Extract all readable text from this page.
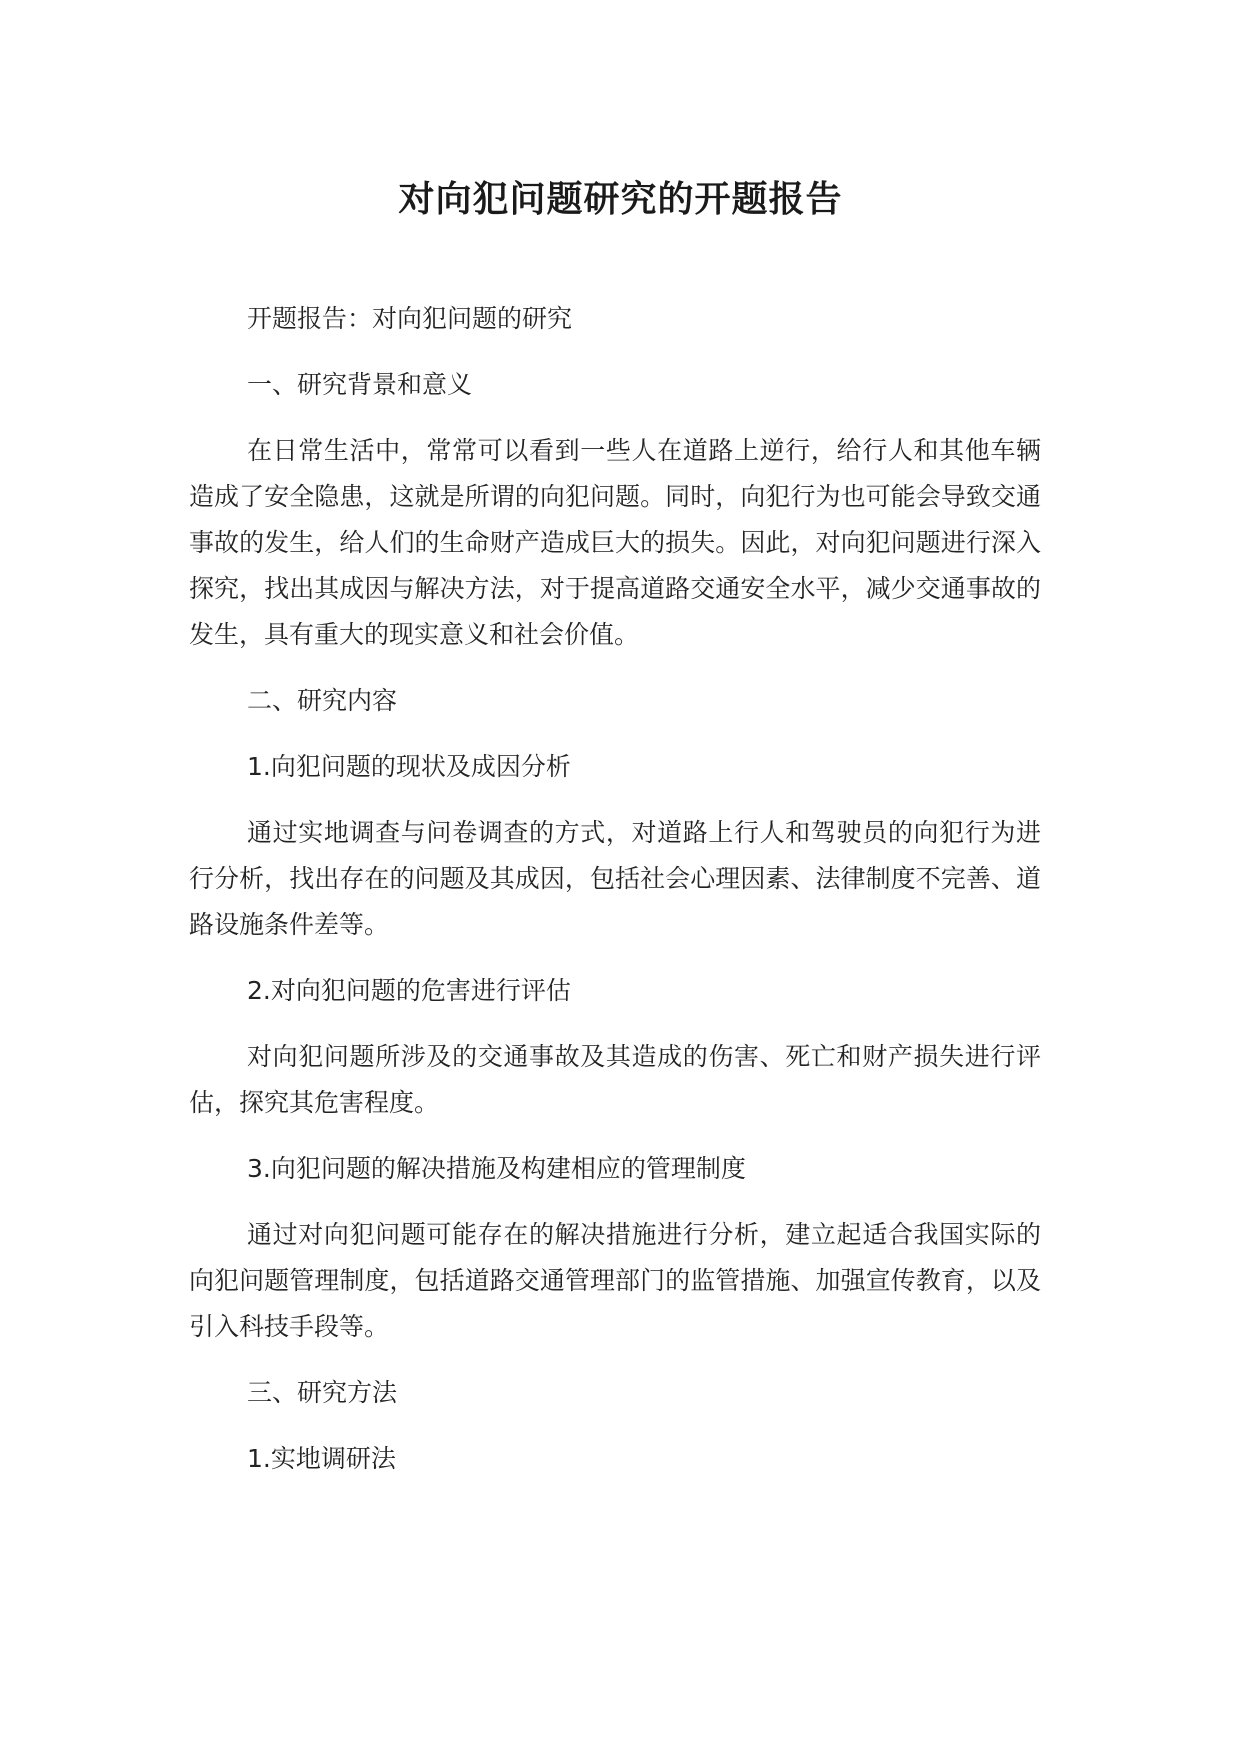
对向犯问题研究的开题报告

开题报告：对向犯问题的研究

一、研究背景和意义

在日常生活中，常常可以看到一些人在道路上逆行，给行人和其他车辆造成了安全隐患，这就是所谓的向犯问题。同时，向犯行为也可能会导致交通事故的发生，给人们的生命财产造成巨大的损失。因此，对向犯问题进行深入探究，找出其成因与解决方法，对于提高道路交通安全水平，减少交通事故的发生，具有重大的现实意义和社会价值。

二、研究内容

1.向犯问题的现状及成因分析

通过实地调查与问卷调查的方式，对道路上行人和驾驶员的向犯行为进行分析，找出存在的问题及其成因，包括社会心理因素、法律制度不完善、道路设施条件差等。

2.对向犯问题的危害进行评估

对向犯问题所涉及的交通事故及其造成的伤害、死亡和财产损失进行评估，探究其危害程度。

3.向犯问题的解决措施及构建相应的管理制度

通过对向犯问题可能存在的解决措施进行分析，建立起适合我国实际的向犯问题管理制度，包括道路交通管理部门的监管措施、加强宣传教育，以及引入科技手段等。

三、研究方法

1.实地调研法
